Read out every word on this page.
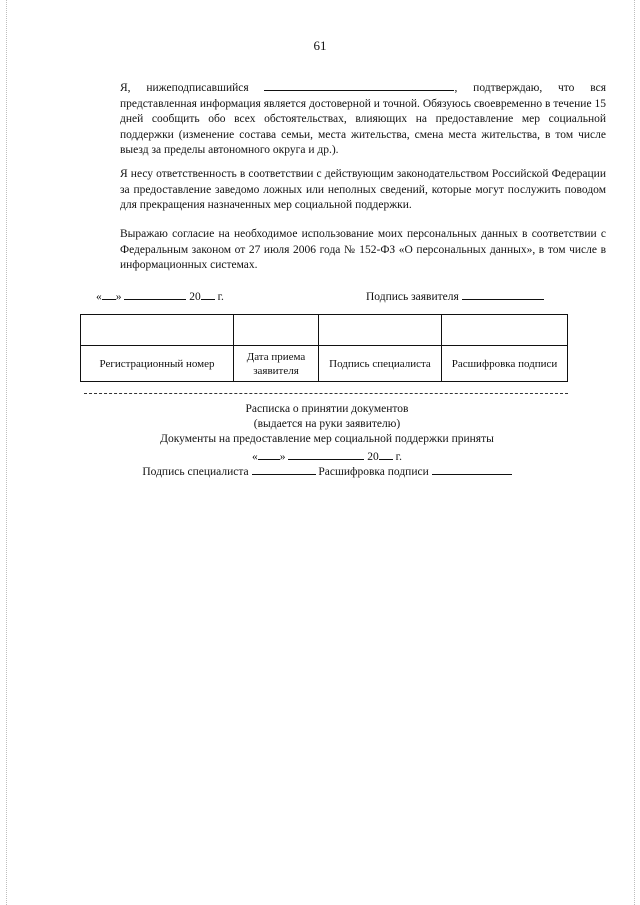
61

Я, нижеподписавшийся	, подтверждаю, что вся представленная информация является достоверной и точной. Обязуюсь своевременно в течение 15 дней сообщить обо всех обстоятельствах, влияющих на предоставление мер социальной поддержки (изменение состава семьи, места жительства, смена места жительства, в том числе выезд за пределы автономного округа и др.).

Я несу ответственность в соответствии с действующим законодательством Российской Федерации за предоставление заведомо ложных или неполных сведений, которые могут послужить поводом для прекращения назначенных мер социальной поддержки.

Выражаю согласие на необходимое использование моих персональных данных в соответствии с Федеральным законом от 27 июля 2006 года № 152-ФЗ «О персональных данных», в том числе в информационных системах.

« »	20 г.	Подпись заявителя

Регистрационный номер	Дата приема заявителя	Подпись специалиста	Расшифровка подписи
Расписка о принятии документов
(выдается на руки заявителю)
Документы на предоставление мер социальной поддержки приняты
« »	20 г.
Подпись специалиста	Расшифровка подписи
